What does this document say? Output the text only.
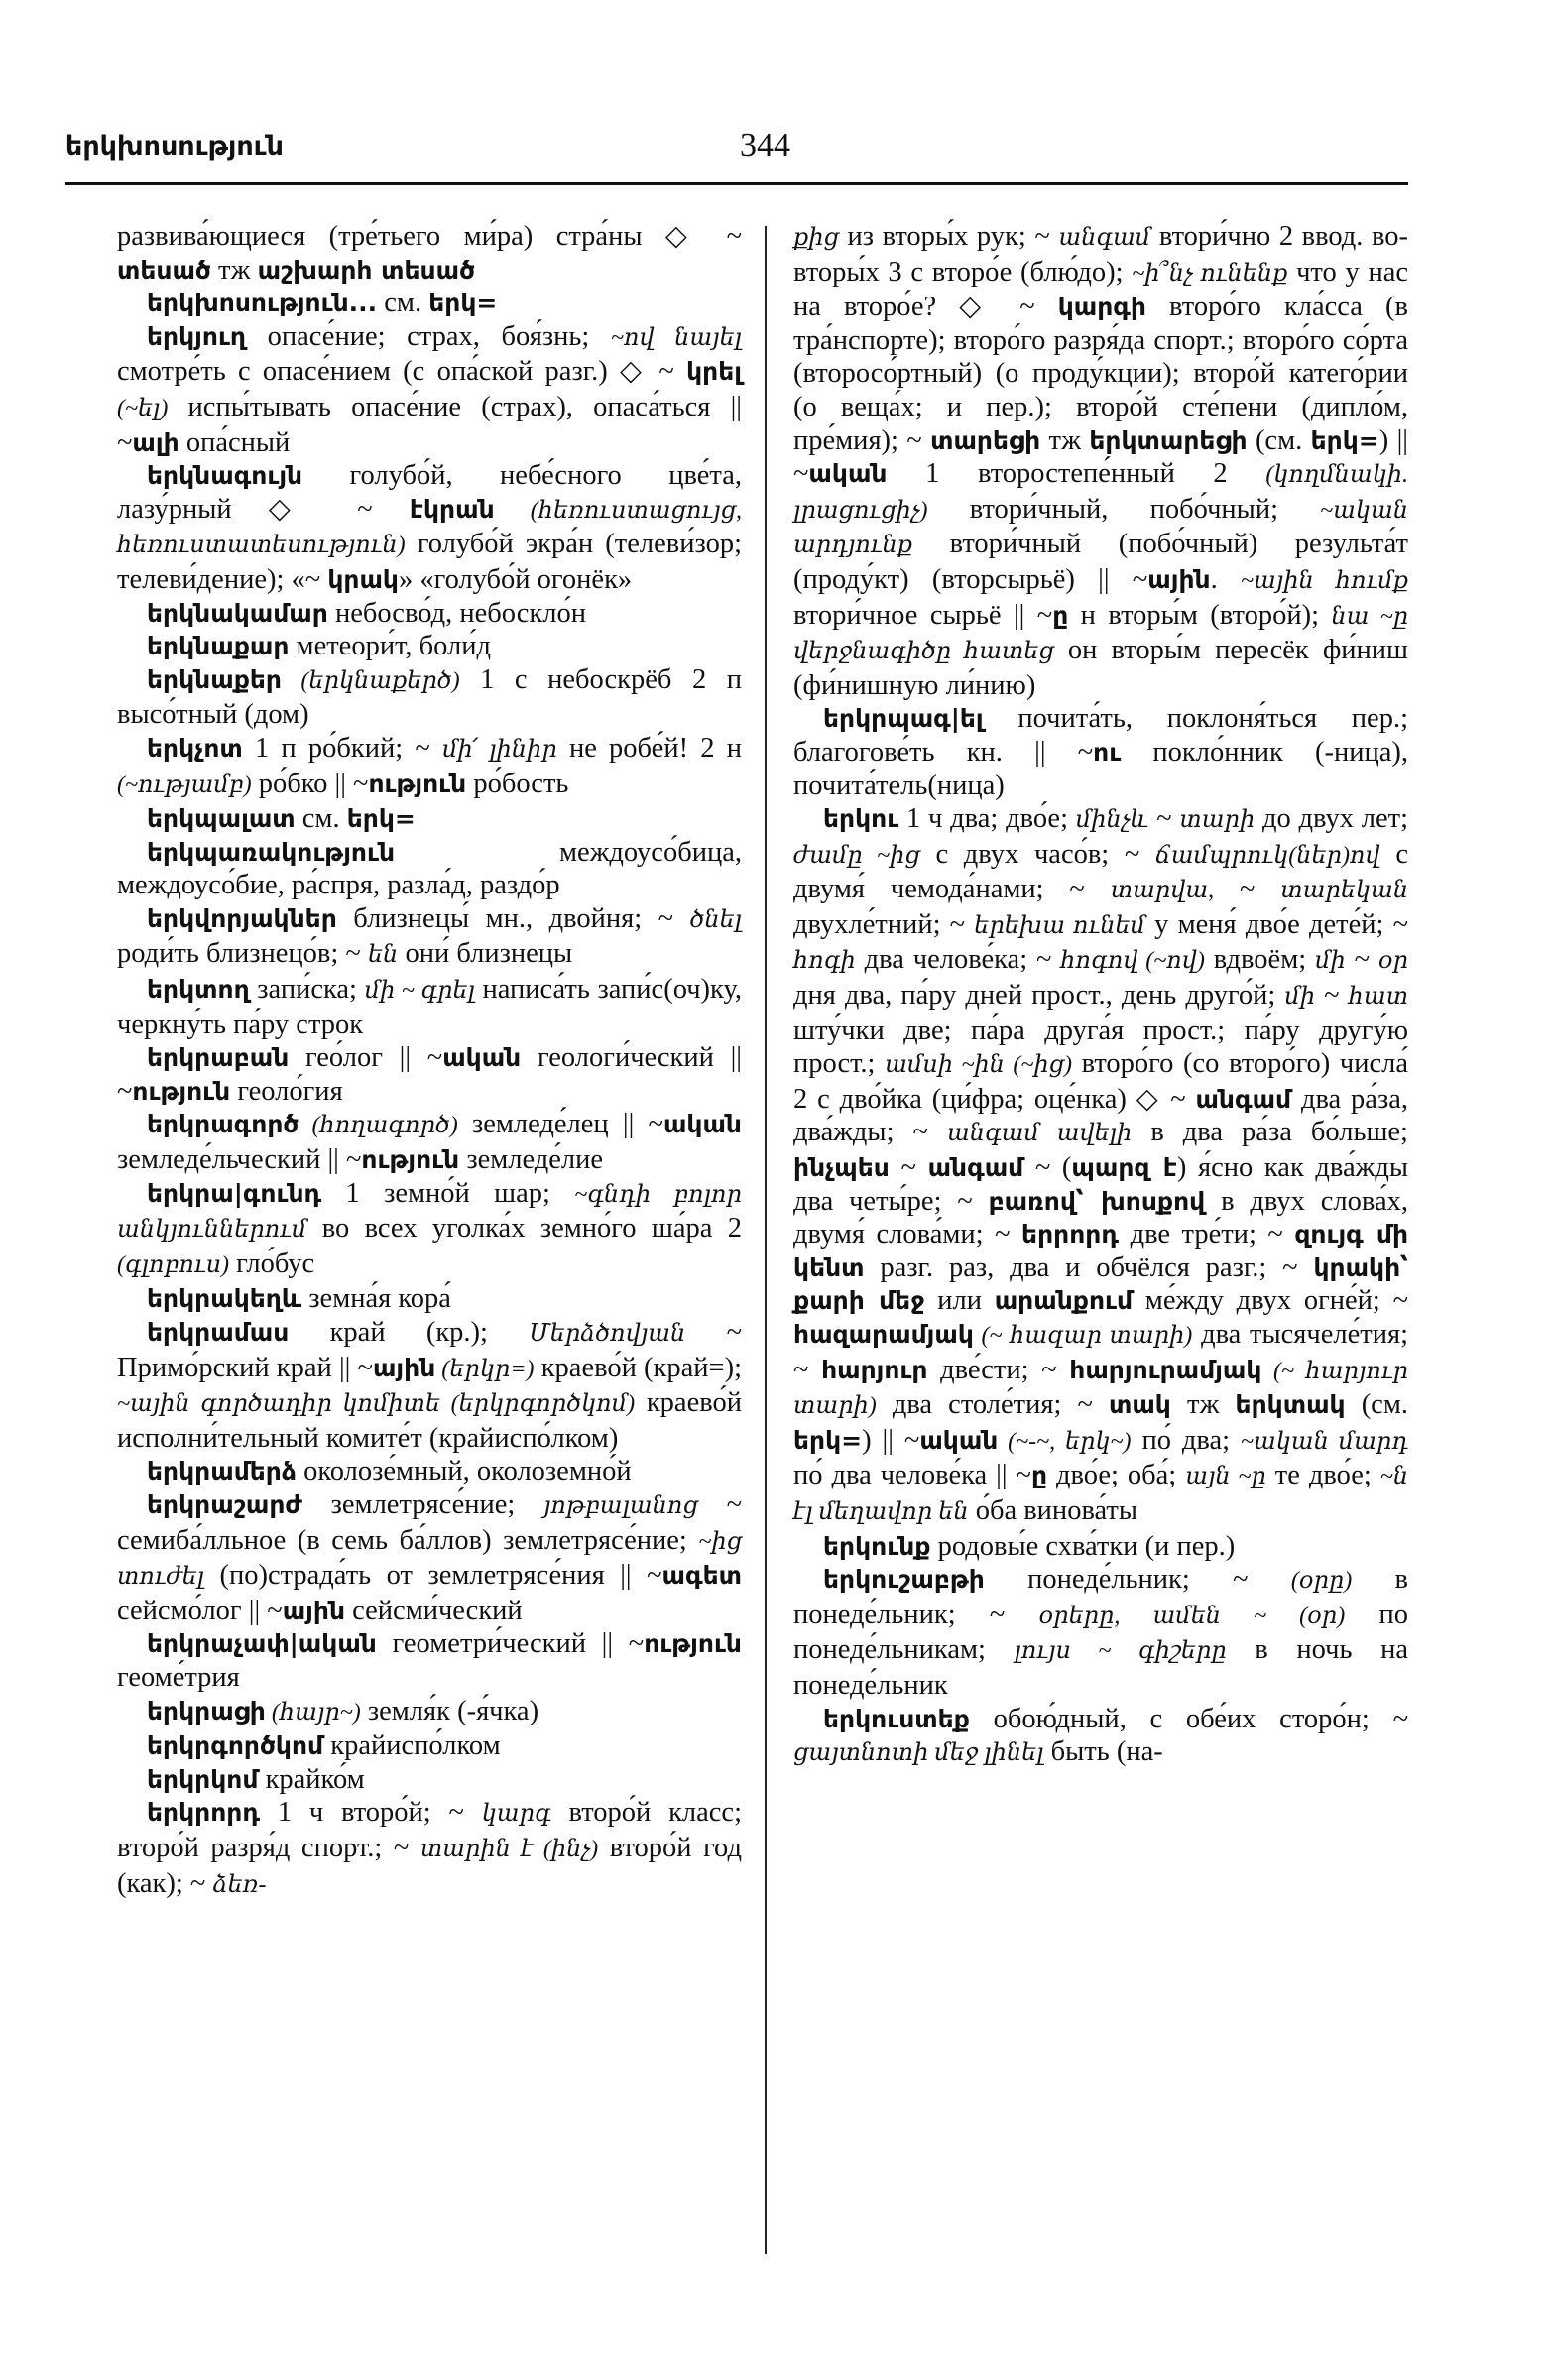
երկխոսություն	344

развива́ющиеся (тре́тьего ми́ра) стра́ны ◇ ~ տեսած тж աշխարհ տեսած

երկխոսություն... см. երկ=

երկյուղ опасе́ние; страх, боя́знь; ~ով նայել смотре́ть с опасе́нием (с опа́ской разг.) ◇ ~ կրել (~ել) испы́тывать опасе́ние (страх), опаса́ться || ~ալի опа́сный

երկնագույն голубо́й, небе́сного цве́та, лазу́рный ◇ ~ էկրան (հեռուստացույց, հեռուստատեսություն) голубо́й экра́н (телеви́зор; телеви́дение); «~ կրակ» «голубо́й огонёк»

երկնակամար небосво́д, небоскло́н

երկնաքար метеори́т, боли́д

երկնաքեր (երկնաքերծ) 1 с небоскрёб 2 п высо́тный (дом)

երկչոտ 1 п ро́бкий; ~ մի՛ լինիր не робе́й! 2 н (~ությամբ) ро́бко || ~ություն ро́бость

երկպալատ см. երկ=

երկպառակություն междоусо́бица, междоусо́бие, ра́спря, разла́д, раздо́р

երկվորյակներ близнецы́ мн., двойня; ~ ծնել роди́ть близнецо́в; ~ են они́ близнецы

երկտող запи́ска; մի ~ գրել написа́ть запи́с(оч)ку, черкну́ть па́ру строк

երկրաբան гео́лог || ~ական геологи́ческий || ~ություն геоло́гия

երկրագործ (հողագործ) земледе́лец || ~ական земледе́льческий || ~ություն земледе́лие

երկրա|գունդ 1 земно́й шар; ~գնդի բոլոր անկյուններում во всех уголка́х земно́го ша́ра 2 (գլոբուս) гло́бус

երկրակեղև земна́я кора́

երկրամաս край (кр.); Մերձծովյան ~ Примо́рский край || ~ային (երկր=) краево́й (край=); ~ային գործադիր կոմիտե (երկրգործկոմ) краево́й исполни́тельный комите́т (крайиспо́лком)

երկրամերձ околозе́мный, околоземно́й

երկրաշարժ землетрясе́ние; յոթբալանոց ~ семиба́лльное (в семь ба́ллов) землетрясе́ние; ~ից տուժել (по)страда́ть от землетрясе́ния || ~ագետ сейсмо́лог || ~ային сейсми́ческий

երկրաչափ|ական геометри́ческий || ~ություն геоме́трия

երկրացի (հայր~) земля́к (-я́чка)

երկրգործկոմ крайиспо́лком

երկրկոմ крайко́м

երկրորդ 1 ч второ́й; ~ կարգ второ́й класс; второ́й разря́д спорт.; ~ տարին է (ինչ) второ́й год (как); ~ ձեռ-

քից из вторы́х рук; ~ անգամ втори́чно 2 ввод. во-вторы́х 3 с второ́е (блю́до); ~ի՞նչ ունենք что у нас на второ́е? ◇ ~ կարգի второ́го кла́сса (в тра́нспорте); второ́го разря́да спорт.; второ́го со́рта (второсо́ртный) (о проду́кции); второ́й катего́рии (о веща́х; и пер.); второ́й сте́пени (дипло́м, пре́мия); ~ տարեցի тж երկտարեցի (см. երկ=) || ~ական 1 второстепе́нный 2 (կողմնակի. լրացուցիչ) втори́чный, побо́чный; ~ական արդյունք втори́чный (побо́чный) результа́т (проду́кт) (вторсырьё) || ~ային. ~ային հումք втори́чное сырьё || ~ը н вторы́м (второ́й); նա ~ը վերջնագիծը հատեց он вторы́м пересёк фи́ниш (фи́нишную ли́нию)

երկրպագ|ել почита́ть, поклоня́ться пер.; благогове́ть кн. || ~ու покло́нник (-ница), почита́тель(ница)

երկու 1 ч два; дво́е; մինչև ~ տարի до двух лет; ժամը ~ից с двух часо́в; ~ ճամպրուկ(ներ)ով с двумя́ чемода́нами; ~ տարվա, ~ տարեկան двухле́тний; ~ երեխա ունեմ у меня́ дво́е дете́й; ~ հոգի два челове́ка; ~ հոգով (~ով) вдвоём; մի ~ օր дня два, па́ру дней прост., день друго́й; մի ~ հատ шту́чки две; па́ра друга́я прост.; па́ру другу́ю прост.; ամսի ~ին (~ից) второ́го (со второ́го) числа́ 2 с дво́йка (ци́фра; оце́нка) ◇ ~ անգամ два ра́за, два́жды; ~ անգամ ավելի в два ра́за бо́льше; ինչպես ~ անգամ ~ (պարզ է) я́сно как два́жды два четы́ре; ~ բառով՝ խոսքով в двух слова́х, двумя́ слова́ми; ~ երրորդ две тре́ти; ~ զույգ մի կենտ разг. раз, два и обчёлся разг.; ~ կրակի՝ քարի մեջ или արանքում ме́жду двух огне́й; ~ հազարամյակ (~ հազար տարի) два тысячеле́тия; ~ հարյուր две́сти; ~ հարյուրամյակ (~ հարյուր տարի) два столе́тия; ~ տակ тж երկտակ (см. երկ=) || ~ական (~-~, երկ~) по́ два; ~ական մարդ по́ два челове́ка || ~ը дво́е; оба́; այն ~ը те дво́е; ~ն էլ մեղավոր են о́ба винова́ты

երկունք родовы́е схва́тки (и пер.)

երկուշաբթի понеде́льник; ~ (օրը) в понеде́льник; ~ օրերը, ամեն ~ (օր) по понеде́льникам; լույս ~ գիշերը в ночь на понеде́льник

երկուստեք обою́дный, с обе́их сторо́н; ~ ցայտնոտի մեջ լինել быть (на-
